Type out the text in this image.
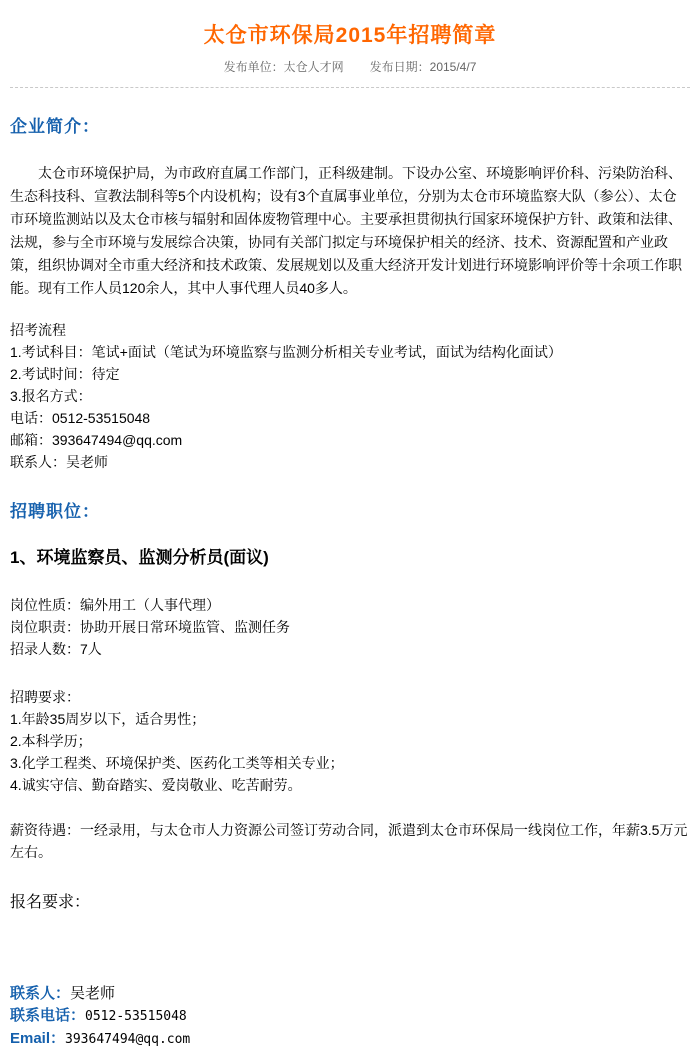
太仓市环保局2015年招聘简章
发布单位：太仓人才网 发布日期：2015/4/7
企业简介：

太仓市环境保护局，为市政府直属工作部门，正科级建制。下设办公室、环境影响评价科、污染防治科、生态科技科、宣教法制科等5个内设机构；设有3个直属事业单位，分别为太仓市环境监察大队（参公）、太仓市环境监测站以及太仓市核与辐射和固体废物管理中心。主要承担贯彻执行国家环境保护方针、政策和法律、法规，参与全市环境与发展综合决策，协同有关部门拟定与环境保护相关的经济、技术、资源配置和产业政策，组织协调对全市重大经济和技术政策、发展规划以及重大经济开发计划进行环境影响评价等十余项工作职能。现有工作人员120余人，其中人事代理人员40多人。

招考流程
1.考试科目：笔试+面试（笔试为环境监察与监测分析相关专业考试，面试为结构化面试）
2.考试时间：待定
3.报名方式：
电话：0512-53515048
邮箱：393647494@qq.com
联系人：吴老师
招聘职位：
1、环境监察员、监测分析员(面议)
岗位性质：编外用工（人事代理）
岗位职责：协助开展日常环境监管、监测任务
招录人数：7人
招聘要求：
1.年龄35周岁以下，适合男性；
2.本科学历；
3.化学工程类、环境保护类、医药化工类等相关专业；
4.诚实守信、勤奋踏实、爱岗敬业、吃苦耐劳。

薪资待遇：一经录用，与太仓市人力资源公司签订劳动合同，派遣到太仓市环保局一线岗位工作，年薪3.5万元左右。

报名要求：
联系人：吴老师
联系电话：0512-53515048
Email：393647494@qq.com
